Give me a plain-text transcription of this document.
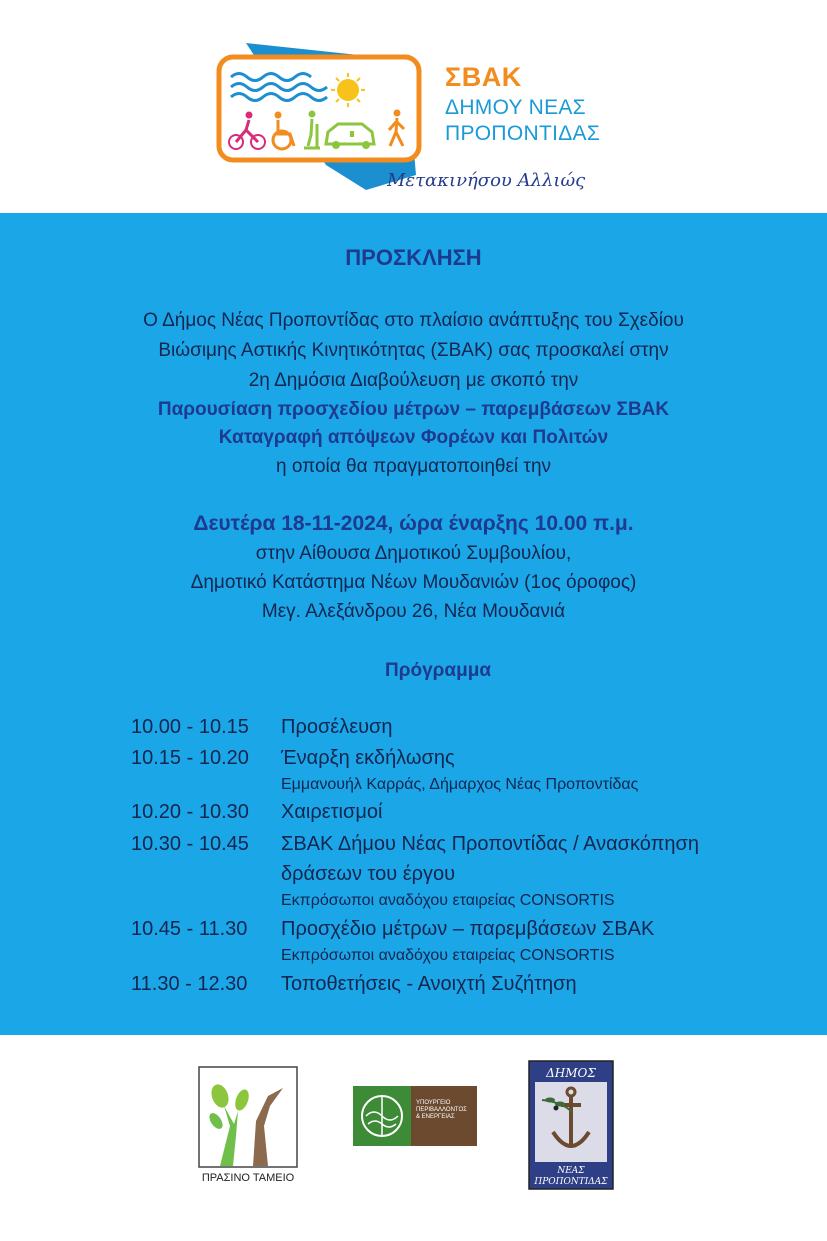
ΣΒΑΚ
ΔΗΜΟΥ ΝΕΑΣ
ΠΡΟΠΟΝΤΙΔΑΣ
Μετακινήσου Αλλιώς
ΠΡΟΣΚΛΗΣΗ
Ο Δήμος Νέας Προποντίδας στο πλαίσιο ανάπτυξης του Σχεδίου
Βιώσιμης Αστικής Κινητικότητας (ΣΒΑΚ) σας προσκαλεί στην
2η Δημόσια Διαβούλευση με σκοπό την
Παρουσίαση προσχεδίου μέτρων – παρεμβάσεων ΣΒΑΚ
Καταγραφή απόψεων Φορέων και Πολιτών
η οποία θα πραγματοποιηθεί την
Δευτέρα 18-11-2024, ώρα έναρξης 10.00 π.μ.
στην Αίθουσα Δημοτικού Συμβουλίου,
Δημοτικό Κατάστημα Νέων Μουδανιών (1ος όροφος)
Μεγ. Αλεξάνδρου 26, Νέα Μουδανιά
Πρόγραμμα
10.00 - 10.15 Προσέλευση
10.15 - 10.20 Έναρξη εκδήλωσης
Εμμανουήλ Καρράς, Δήμαρχος Νέας Προποντίδας
10.20 - 10.30 Χαιρετισμοί
10.30 - 10.45 ΣΒΑΚ Δήμου Νέας Προποντίδας / Ανασκόπηση
δράσεων του έργου
Εκπρόσωποι αναδόχου εταιρείας CONSORTIS
10.45 - 11.30 Προσχέδιο μέτρων – παρεμβάσεων ΣΒΑΚ
Εκπρόσωποι αναδόχου εταιρείας CONSORTIS
11.30 - 12.30 Τοποθετήσεις - Ανοιχτή Συζήτηση
ΠΡΑΣΙΝΟ ΤΑΜΕΙΟ
ΥΠΟΥΡΓΕΙΟ
ΠΕΡΙΒΑΛΛΟΝΤΟΣ
& ΕΝΕΡΓΕΙΑΣ
ΔΗΜΟΣ
ΝΕΑΣ
ΠΡΟΠΟΝΤΙΔΑΣ
